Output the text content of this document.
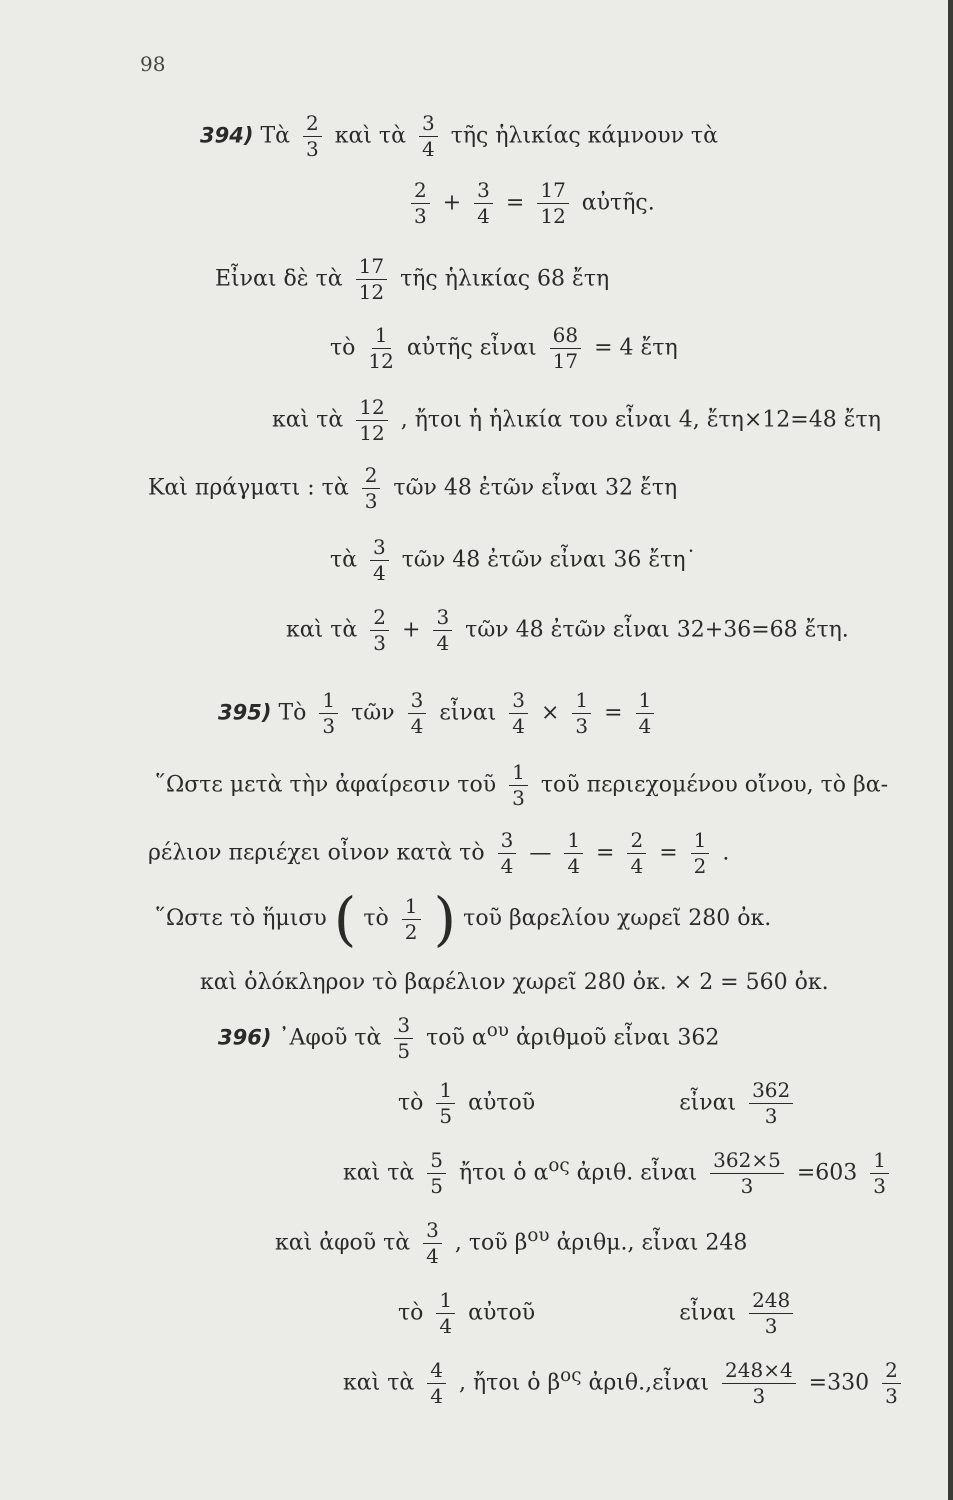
98
394) Τὰ $\frac{2}{3}$ καὶ τὰ $\frac{3}{4}$ τῆς ἡλικίας κάμνουν τὰ
$\frac{2}{3} + \frac{3}{4} = \frac{17}{12}$ αὐτῆς.
Εἶναι δὲ τὰ $\frac{17}{12}$ τῆς ἡλικίας 68 ἔτη
τὸ $\frac{1}{12}$ αὐτῆς εἶναι $\frac{68}{17} = 4$ ἔτη
καὶ τὰ $\frac{12}{12}$ , ἤτοι ἡ ἡλικία του εἶναι 4, ἔτη×12=48 ἔτη
Καὶ πράγματι : τὰ $\frac{2}{3}$ τῶν 48 ἐτῶν εἶναι 32 ἔτη
τὰ $\frac{3}{4}$ τῶν 48 ἐτῶν εἶναι 36 ἔτη˙
καὶ τὰ $\frac{2}{3} + \frac{3}{4}$ τῶν 48 ἐτῶν εἶναι 32+36=68 ἔτη.
395) Τὸ $\frac{1}{3}$ τῶν $\frac{3}{4}$ εἶναι $\frac{3}{4} \times \frac{1}{3} = \frac{1}{4}$
῞Ωστε μετὰ τὴν ἀφαίρεσιν τοῦ $\frac{1}{3}$ τοῦ περιεχομένου οἴνου, τὸ βα-
ρέλιον περιέχει οἶνον κατὰ τὸ $\frac{3}{4}$ — $\frac{1}{4} = \frac{2}{4} = \frac{1}{2}$ .
῞Ωστε τὸ ἥμισυ ( τὸ $\frac{1}{2}$ ) τοῦ βαρελίου χωρεῖ 280 ὀκ.
καὶ ὁλόκληρον τὸ βαρέλιον χωρεῖ 280 ὀκ. × 2 = 560 ὀκ.
396) ᾿Αφοῦ τὰ $\frac{3}{5}$ τοῦ $\alpha^{o\upsilon}$ ἀριθμοῦ εἶναι 362
τὸ $\frac{1}{5}$ αὐτοῦ	εἶναι $\frac{362}{3}$
καὶ τὰ $\frac{5}{5}$ ἤτοι ὁ $\alpha^{o\varsigma}$ ἀριθ. εἶναι $\frac{362\times 5}{3} =603 \frac{1}{3}$
καὶ ἀφοῦ τὰ $\frac{3}{4}$ , τοῦ $\beta^{o\upsilon}$ ἀριθμ., εἶναι 248
τὸ $\frac{1}{4}$ αὐτοῦ	εἶναι $\frac{248}{3}$
καὶ τὰ $\frac{4}{4}$ , ἤτοι ὁ $\beta^{o\varsigma}$ ἀριθ.,εἶναι $\frac{248\times 4}{3} =330 \frac{2}{3}$
